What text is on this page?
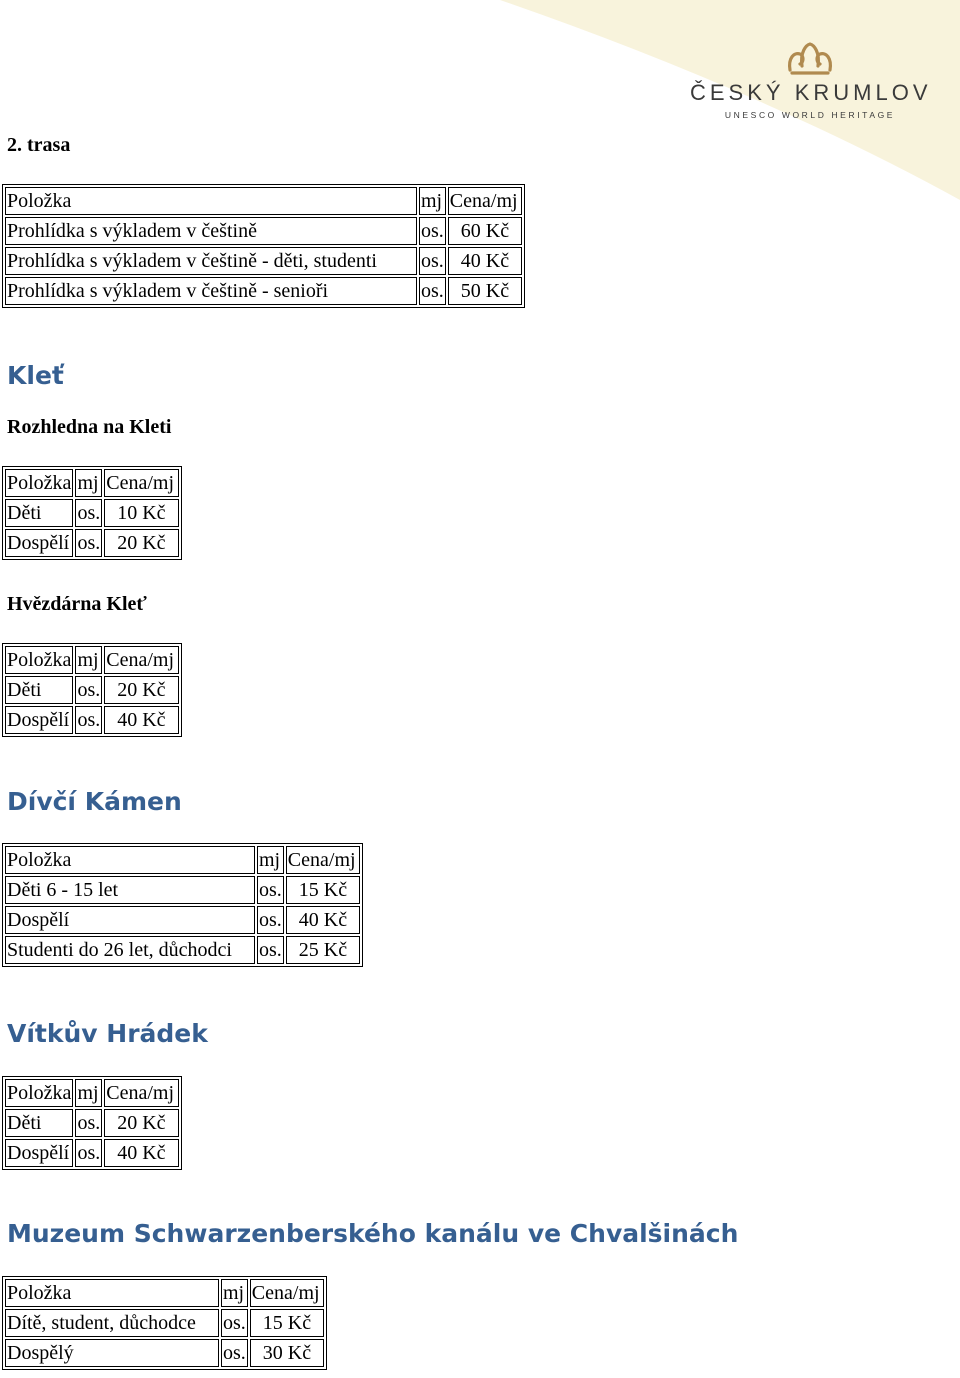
ČESKÝ KRUMLOV
UNESCO WORLD HERITAGE
2. trasa
Položka	mj	Cena/mj
Prohlídka s výkladem v češtině	os.	60 Kč
Prohlídka s výkladem v češtině - děti, studenti	os.	40 Kč
Prohlídka s výkladem v češtině - senioři	os.	50 Kč
Kleť
Rozhledna na Kleti
Položka	mj	Cena/mj
Děti	os.	10 Kč
Dospělí	os.	20 Kč
Hvězdárna Kleť
Položka	mj	Cena/mj
Děti	os.	20 Kč
Dospělí	os.	40 Kč
Dívčí Kámen
Položka	mj	Cena/mj
Děti 6 - 15 let	os.	15 Kč
Dospělí	os.	40 Kč
Studenti do 26 let, důchodci	os.	25 Kč
Vítkův Hrádek
Položka	mj	Cena/mj
Děti	os.	20 Kč
Dospělí	os.	40 Kč
Muzeum Schwarzenberského kanálu ve Chvalšinách
Položka	mj	Cena/mj
Dítě, student, důchodce	os.	15 Kč
Dospělý	os.	30 Kč
